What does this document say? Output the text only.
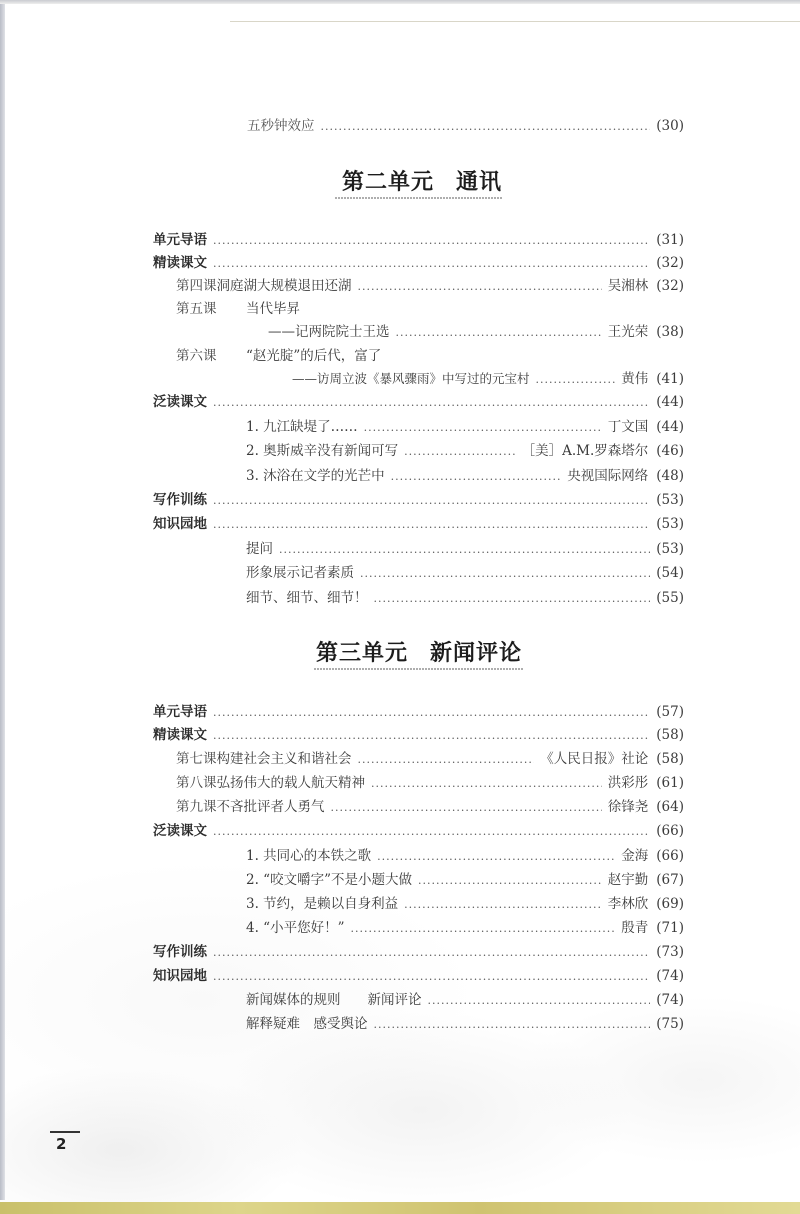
五秒钟效应 .....	(30)
第二单元 通讯
单元导语 .....	(31)
精读课文 .....	(32)
第四课 洞庭湖大规模退田还湖 .....	吴湘林 (32)
第五课	当代毕昇
——记两院院士王选 .....	王光荣 (38)
第六课	“赵光腚”的后代，富了
——访周立波《暴风骤雨》中写过的元宝村 .....	黄伟 (41)
泛读课文 .....	(44)
1. 九江缺堤了…… .....	丁文国 (44)
2. 奥斯威辛没有新闻可写 .....	［美］A.M.罗森塔尔 (46)
3. 沐浴在文学的光芒中 .....	央视国际网络 (48)
写作训练 .....	(53)
知识园地 .....	(53)
提问 .....	(53)
形象展示记者素质 .....	(54)
细节、细节、细节！ .....	(55)
第三单元 新闻评论
单元导语 .....	(57)
精读课文 .....	(58)
第七课 构建社会主义和谐社会 .....	《人民日报》社论 (58)
第八课 弘扬伟大的载人航天精神 .....	洪彩彤 (61)
第九课 不吝批评者人勇气 .....	徐锋尧 (64)
泛读课文 .....	(66)
1. 共同心的本铁之歌 .....	金海 (66)
2. “咬文嚼字”不是小题大做 .....	赵宇勤 (67)
3. 节约，是赖以自身利益 .....	李林欣 (69)
4. “小平您好！” .....	殷青 (71)
写作训练 .....	(73)
知识园地 .....	(74)
新闻媒体的规则　　新闻评论 .....	(74)
解释疑难　感受舆论 .....	(75)
2
